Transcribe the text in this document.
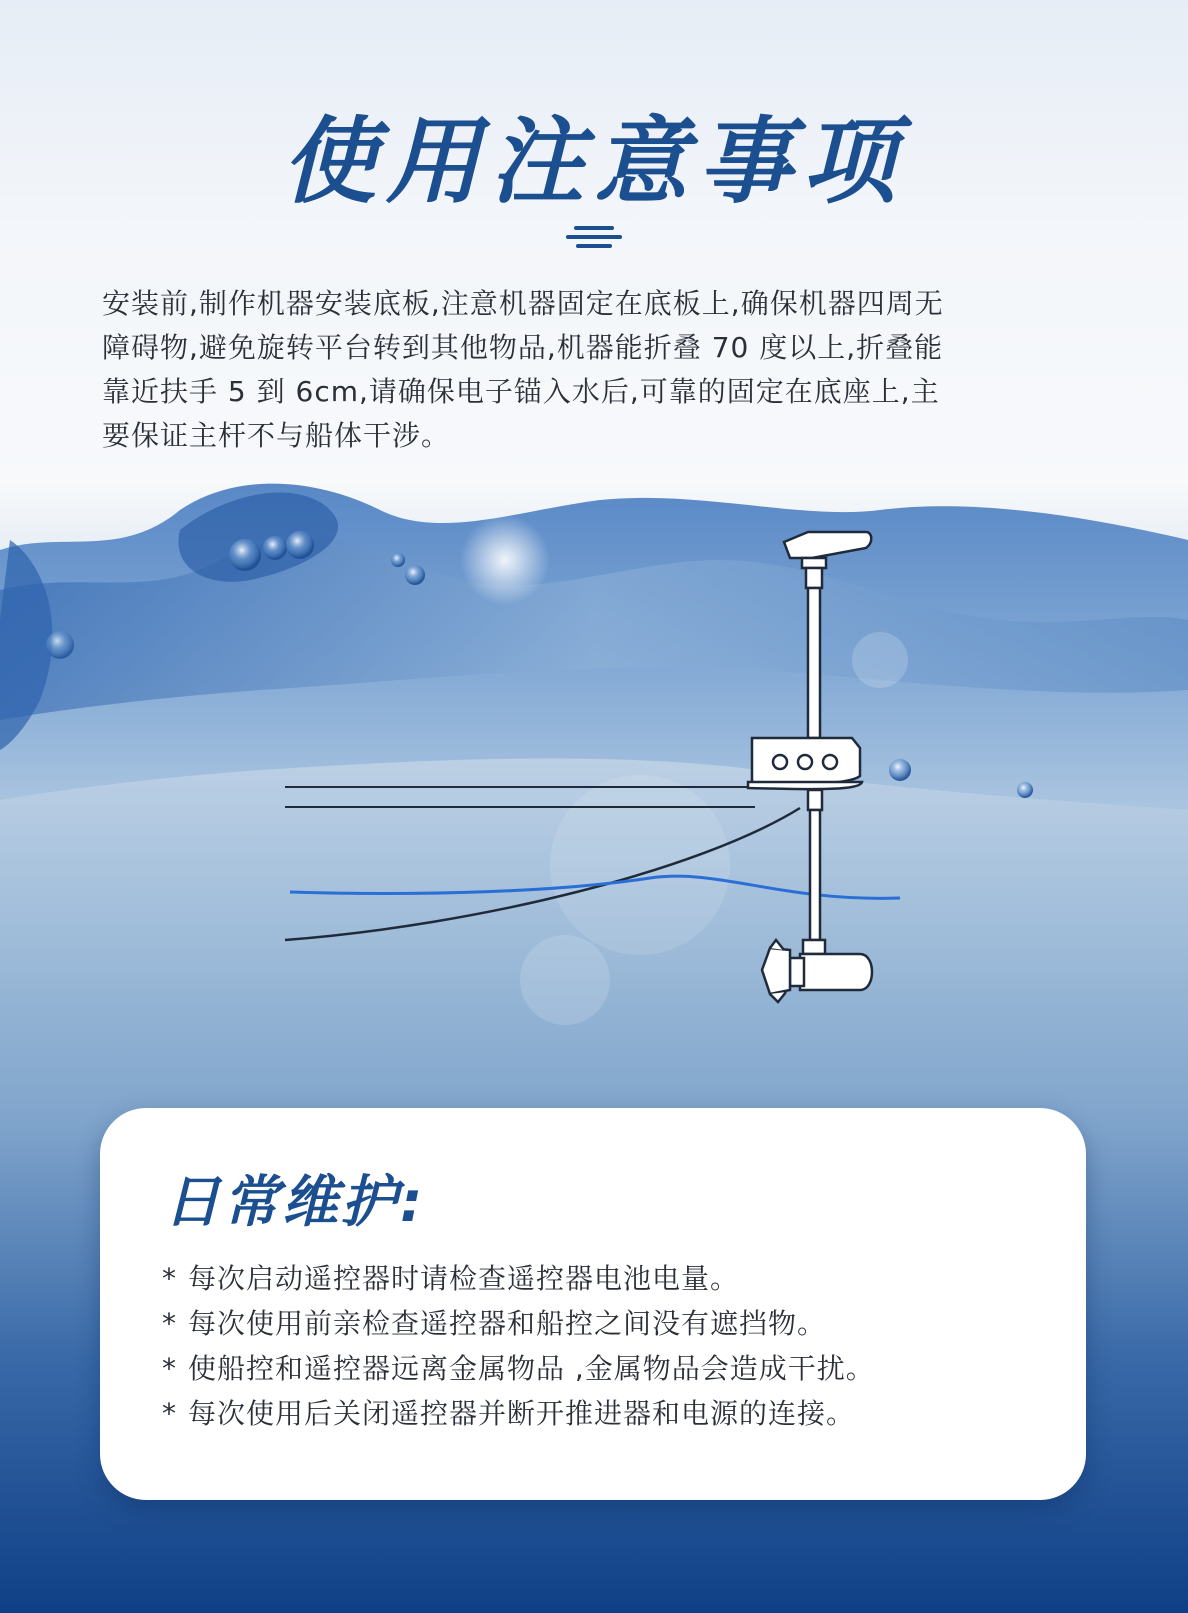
使用注意事项
安装前,制作机器安装底板,注意机器固定在底板上,确保机器四周无
障碍物,避免旋转平台转到其他物品,机器能折叠 70 度以上,折叠能
靠近扶手 5 到 6cm,请确保电子锚入水后,可靠的固定在底座上,主
要保证主杆不与船体干涉。
日常维护:
* 每次启动遥控器时请检查遥控器电池电量。
* 每次使用前亲检查遥控器和船控之间没有遮挡物。
* 使船控和遥控器远离金属物品 ,金属物品会造成干扰。
* 每次使用后关闭遥控器并断开推进器和电源的连接。
